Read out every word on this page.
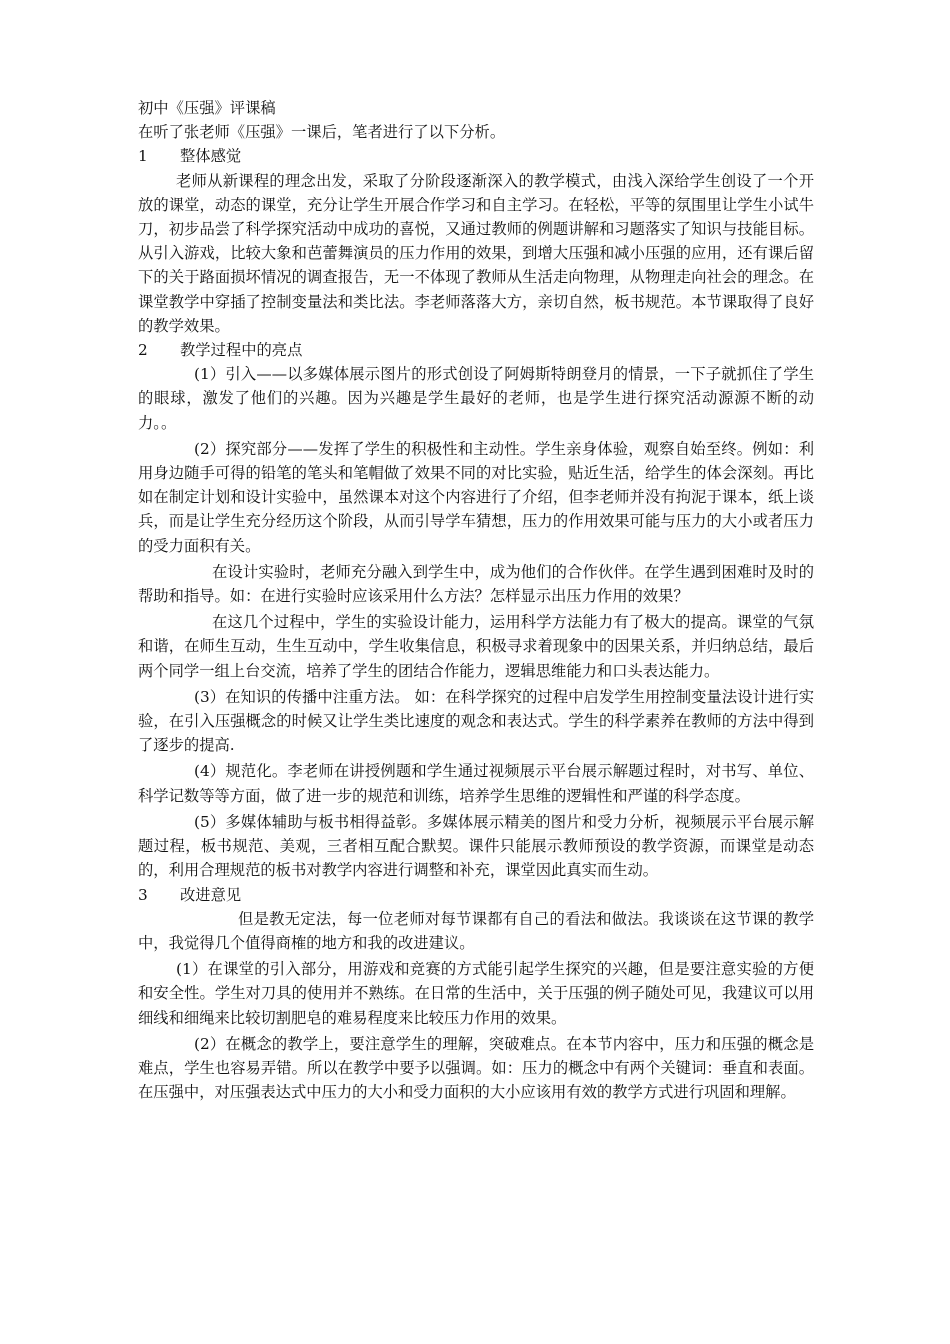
初中《压强》评课稿

在听了张老师《压强》一课后，笔者进行了以下分析。

1	整体感觉

老师从新课程的理念出发，采取了分阶段逐渐深入的教学模式，由浅入深给学生创设了一个开放的课堂，动态的课堂，充分让学生开展合作学习和自主学习。在轻松，平等的氛围里让学生小试牛刀，初步品尝了科学探究活动中成功的喜悦，又通过教师的例题讲解和习题落实了知识与技能目标。从引入游戏，比较大象和芭蕾舞演员的压力作用的效果，到增大压强和减小压强的应用，还有课后留下的关于路面损坏情况的调查报告，无一不体现了教师从生活走向物理，从物理走向社会的理念。在课堂教学中穿插了控制变量法和类比法。李老师落落大方，亲切自然，板书规范。本节课取得了良好的教学效果。

2	教学过程中的亮点

(1）引入——以多媒体展示图片的形式创设了阿姆斯特朗登月的情景，一下子就抓住了学生的眼球，激发了他们的兴趣。因为兴趣是学生最好的老师，也是学生进行探究活动源源不断的动力。。

(2）探究部分——发挥了学生的积极性和主动性。学生亲身体验，观察自始至终。例如：利用身边随手可得的铅笔的笔头和笔帽做了效果不同的对比实验，贴近生活，给学生的体会深刻。再比如在制定计划和设计实验中，虽然课本对这个内容进行了介绍，但李老师并没有拘泥于课本，纸上谈兵，而是让学生充分经历这个阶段，从而引导学车猜想，压力的作用效果可能与压力的大小或者压力的受力面积有关。

在设计实验时，老师充分融入到学生中，成为他们的合作伙伴。在学生遇到困难时及时的帮助和指导。如：在进行实验时应该采用什么方法？怎样显示出压力作用的效果？

在这几个过程中，学生的实验设计能力，运用科学方法能力有了极大的提高。课堂的气氛和谐，在师生互动，生生互动中，学生收集信息，积极寻求着现象中的因果关系，并归纳总结，最后两个同学一组上台交流，培养了学生的团结合作能力，逻辑思维能力和口头表达能力。

(3）在知识的传播中注重方法。 如：在科学探究的过程中启发学生用控制变量法设计进行实验，在引入压强概念的时候又让学生类比速度的观念和表达式。学生的科学素养在教师的方法中得到了逐步的提高.

(4）规范化。李老师在讲授例题和学生通过视频展示平台展示解题过程时，对书写、单位、科学记数等等方面，做了进一步的规范和训练，培养学生思维的逻辑性和严谨的科学态度。

(5）多媒体辅助与板书相得益彰。多媒体展示精美的图片和受力分析，视频展示平台展示解题过程，板书规范、美观，三者相互配合默契。课件只能展示教师预设的教学资源，而课堂是动态的，利用合理规范的板书对教学内容进行调整和补充，课堂因此真实而生动。

3	改进意见

但是教无定法，每一位老师对每节课都有自己的看法和做法。我谈谈在这节课的教学中，我觉得几个值得商榷的地方和我的改进建议。

(1）在课堂的引入部分，用游戏和竞赛的方式能引起学生探究的兴趣，但是要注意实验的方便和安全性。学生对刀具的使用并不熟练。在日常的生活中，关于压强的例子随处可见，我建议可以用细线和细绳来比较切割肥皂的难易程度来比较压力作用的效果。

(2）在概念的教学上，要注意学生的理解，突破难点。在本节内容中，压力和压强的概念是难点，学生也容易弄错。所以在教学中要予以强调。如：压力的概念中有两个关键词：垂直和表面。在压强中，对压强表达式中压力的大小和受力面积的大小应该用有效的教学方式进行巩固和理解。
